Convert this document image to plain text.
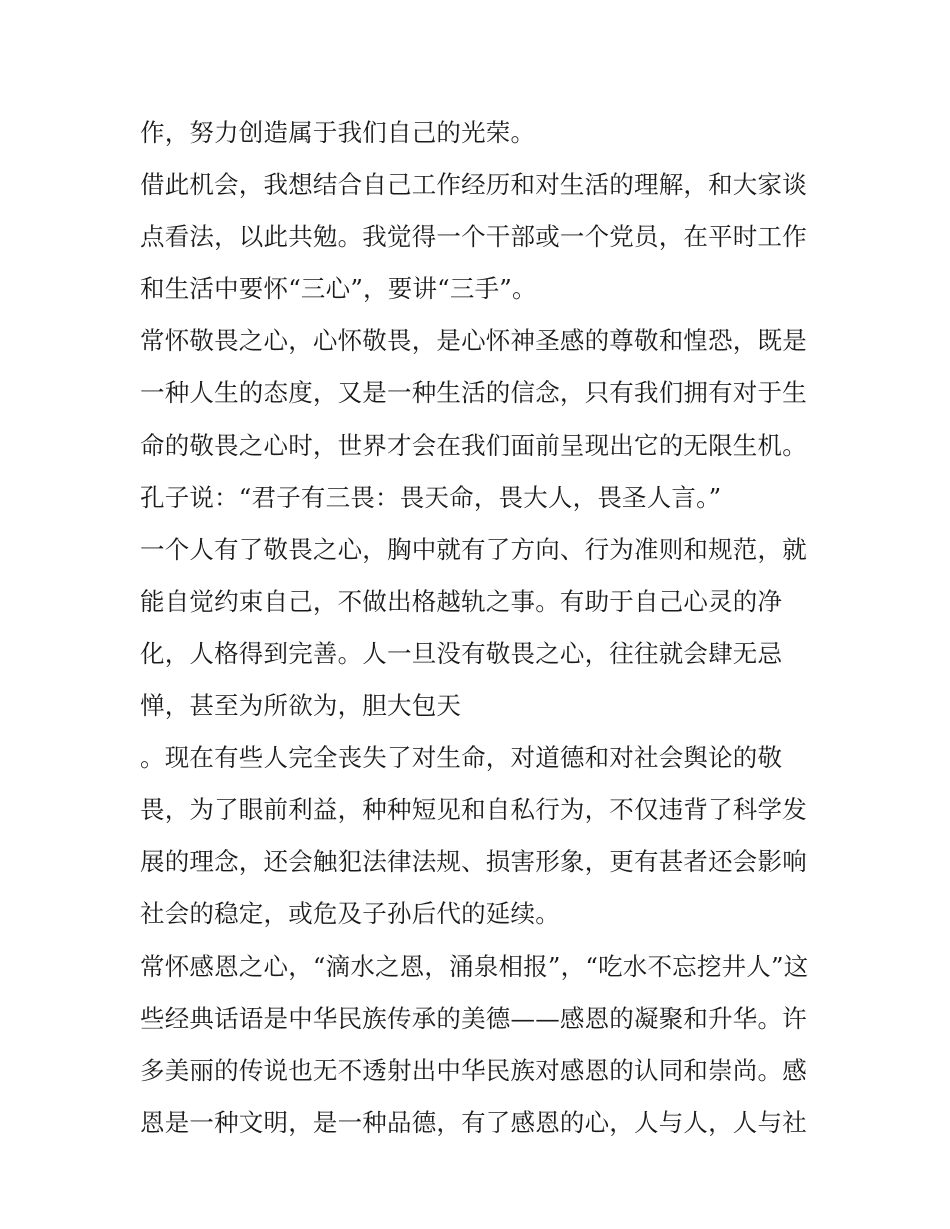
作，努力创造属于我们自己的光荣。
借此机会，我想结合自己工作经历和对生活的理解，和大家谈
点看法，以此共勉。我觉得一个干部或一个党员，在平时工作
和生活中要怀“三心”，要讲“三手”。
常怀敬畏之心，心怀敬畏，是心怀神圣感的尊敬和惶恐，既是
一种人生的态度，又是一种生活的信念，只有我们拥有对于生
命的敬畏之心时，世界才会在我们面前呈现出它的无限生机。
孔子说：“君子有三畏：畏天命，畏大人，畏圣人言。”
一个人有了敬畏之心，胸中就有了方向、行为准则和规范，就
能自觉约束自己，不做出格越轨之事。有助于自己心灵的净
化，人格得到完善。人一旦没有敬畏之心，往往就会肆无忌
惮，甚至为所欲为，胆大包天
。现在有些人完全丧失了对生命，对道德和对社会舆论的敬
畏，为了眼前利益，种种短见和自私行为，不仅违背了科学发
展的理念，还会触犯法律法规、损害形象，更有甚者还会影响
社会的稳定，或危及子孙后代的延续。
常怀感恩之心，“滴水之恩，涌泉相报”，“吃水不忘挖井人”这
些经典话语是中华民族传承的美德——感恩的凝聚和升华。许
多美丽的传说也无不透射出中华民族对感恩的认同和崇尚。感
恩是一种文明，是一种品德，有了感恩的心，人与人，人与社
